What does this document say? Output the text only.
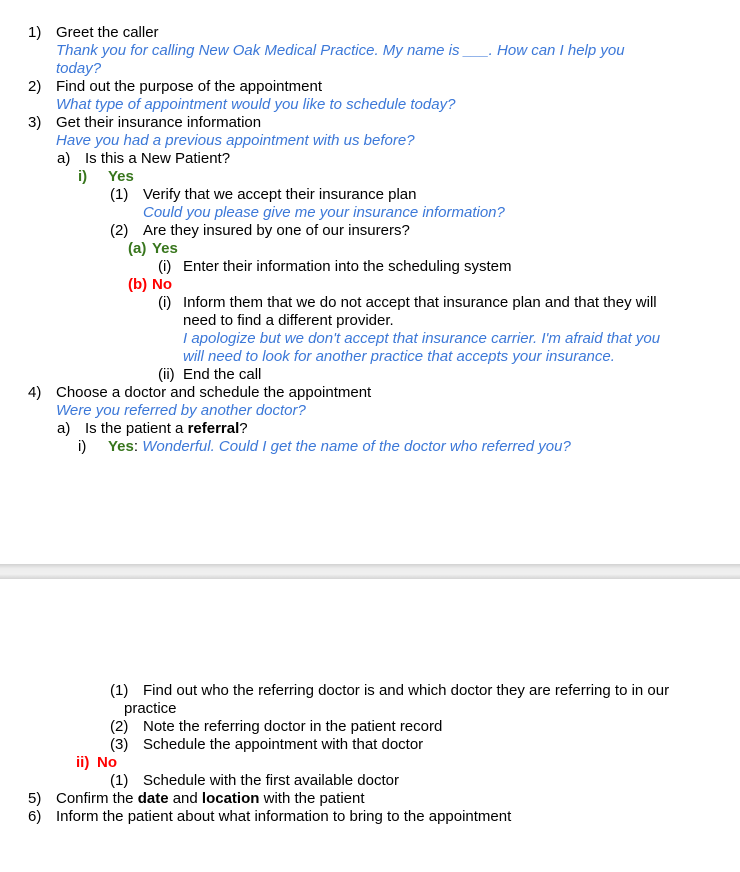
1) Greet the caller
Thank you for calling New Oak Medical Practice. My name is ___. How can I help you
today?
2) Find out the purpose of the appointment
What type of appointment would you like to schedule today?
3) Get their insurance information
Have you had a previous appointment with us before?
a) Is this a New Patient?
i) Yes
(1) Verify that we accept their insurance plan
Could you please give me your insurance information?
(2) Are they insured by one of our insurers?
(a) Yes
(i) Enter their information into the scheduling system
(b) No
(i) Inform them that we do not accept that insurance plan and that they will
need to find a different provider.
I apologize but we don't accept that insurance carrier. I'm afraid that you
will need to look for another practice that accepts your insurance.
(ii) End the call
4) Choose a doctor and schedule the appointment
Were you referred by another doctor?
a) Is the patient a referral?
i) Yes: Wonderful. Could I get the name of the doctor who referred you?
(1) Find out who the referring doctor is and which doctor they are referring to in our
practice
(2) Note the referring doctor in the patient record
(3) Schedule the appointment with that doctor
ii) No
(1) Schedule with the first available doctor
5) Confirm the date and location with the patient
6) Inform the patient about what information to bring to the appointment
